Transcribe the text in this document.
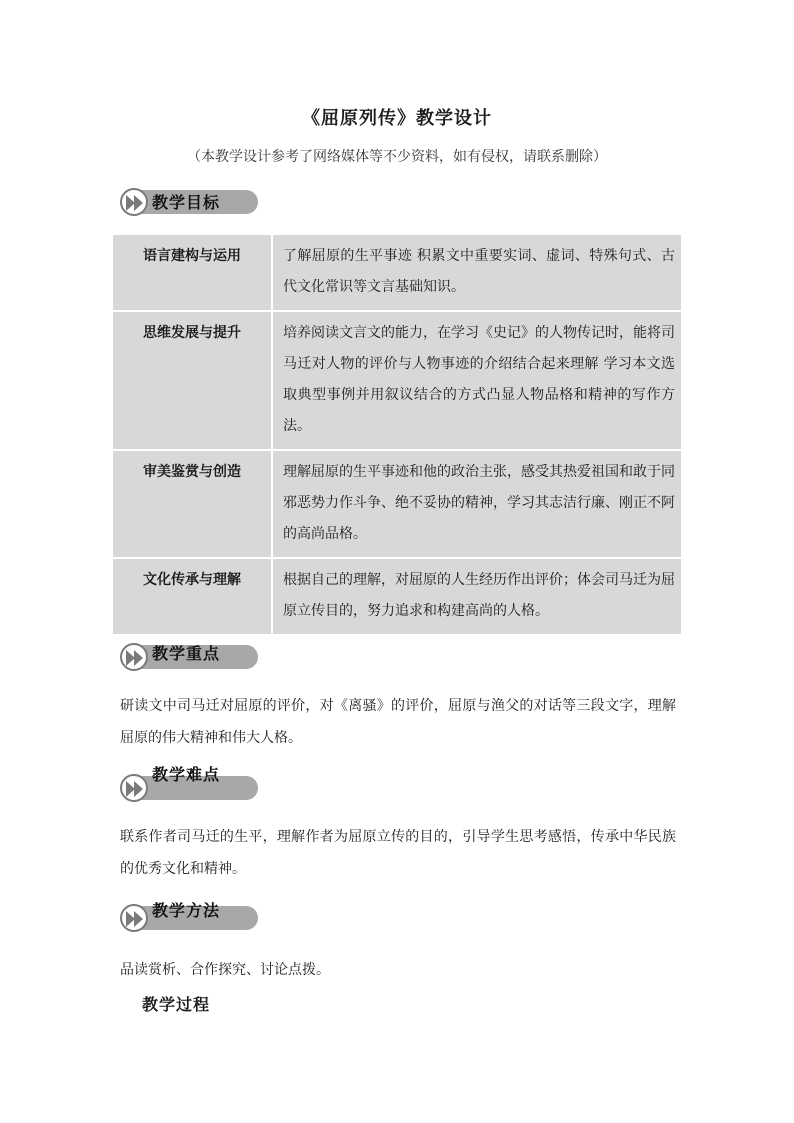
《屈原列传》教学设计
（本教学设计参考了网络媒体等不少资料，如有侵权，请联系删除）
教学目标
语言建构与运用	了解屈原的生平事迹 积累文中重要实词、虚词、特殊句式、古代文化常识等文言基础知识。
思维发展与提升	培养阅读文言文的能力，在学习《史记》的人物传记时，能将司马迁对人物的评价与人物事迹的介绍结合起来理解 学习本文选取典型事例并用叙议结合的方式凸显人物品格和精神的写作方法。
审美鉴赏与创造	理解屈原的生平事迹和他的政治主张，感受其热爱祖国和敢于同邪恶势力作斗争、绝不妥协的精神，学习其志洁行廉、刚正不阿的高尚品格。
文化传承与理解	根据自己的理解，对屈原的人生经历作出评价；体会司马迁为屈原立传目的，努力追求和构建高尚的人格。
教学重点
研读文中司马迁对屈原的评价，对《离骚》的评价，屈原与渔父的对话等三段文字，理解屈原的伟大精神和伟大人格。
教学难点
联系作者司马迁的生平，理解作者为屈原立传的目的，引导学生思考感悟，传承中华民族的优秀文化和精神。
教学方法
品读赏析、合作探究、讨论点拨。
教学过程
